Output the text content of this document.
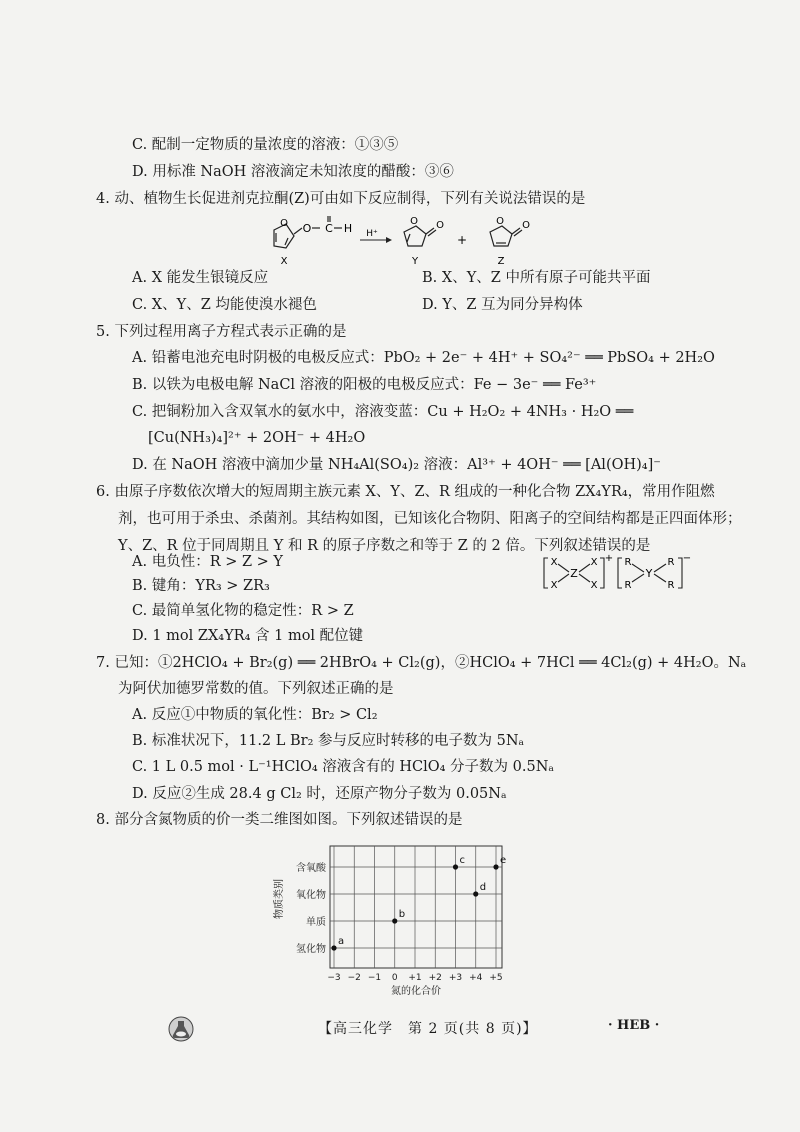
C. 配制一定物质的量浓度的溶液：①③⑤
D. 用标准 NaOH 溶液滴定未知浓度的醋酸：③⑥
4. 动、植物生长促进剂克拉酮(Z)可由如下反应制得，下列有关说法错误的是
O O C H
X
H⁺
O O
Y
+
O O
Z
A. X 能发生银镜反应	B. X、Y、Z 中所有原子可能共平面
C. X、Y、Z 均能使溴水褪色	D. Y、Z 互为同分异构体
5. 下列过程用离子方程式表示正确的是
A. 铅蓄电池充电时阴极的电极反应式：PbO₂ + 2e⁻ + 4H⁺ + SO₄²⁻ ══ PbSO₄ + 2H₂O
B. 以铁为电极电解 NaCl 溶液的阳极的电极反应式：Fe − 3e⁻ ══ Fe³⁺
C. 把铜粉加入含双氧水的氨水中，溶液变蓝：Cu + H₂O₂ + 4NH₃ · H₂O ══
[Cu(NH₃)₄]²⁺ + 2OH⁻ + 4H₂O
D. 在 NaOH 溶液中滴加少量 NH₄Al(SO₄)₂ 溶液：Al³⁺ + 4OH⁻ ══ [Al(OH)₄]⁻
6. 由原子序数依次增大的短周期主族元素 X、Y、Z、R 组成的一种化合物 ZX₄YR₄，常用作阻燃
剂，也可用于杀虫、杀菌剂。其结构如图，已知该化合物阴、阳离子的空间结构都是正四面体形；
Y、Z、R 位于同周期且 Y 和 R 的原子序数之和等于 Z 的 2 倍。下列叙述错误的是
X
X
Z
X
X
+ R
R
Y
R
R
−
A. 电负性：R > Z > Y
B. 键角：YR₃ > ZR₃
C. 最简单氢化物的稳定性：R > Z
D. 1 mol ZX₄YR₄ 含 1 mol 配位键
7. 已知：①2HClO₄ + Br₂(g) ══ 2HBrO₄ + Cl₂(g)，②HClO₄ + 7HCl ══ 4Cl₂(g) + 4H₂O。Nₐ
为阿伏加德罗常数的值。下列叙述正确的是
A. 反应①中物质的氧化性：Br₂ > Cl₂
B. 标准状况下，11.2 L Br₂ 参与反应时转移的电子数为 5Nₐ
C. 1 L 0.5 mol · L⁻¹HClO₄ 溶液含有的 HClO₄ 分子数为 0.5Nₐ
D. 反应②生成 28.4 g Cl₂ 时，还原产物分子数为 0.05Nₐ
8. 部分含氮物质的价一类二维图如图。下列叙述错误的是
−3 −2 −1 0 +1 +2 +3 +4 +5
氢化物
单质
氧化物
含氧酸
氮的化合价
物质类别
a
b
c
d
e
【高三化学　第 2 页(共 8 页)】	· HEB ·
